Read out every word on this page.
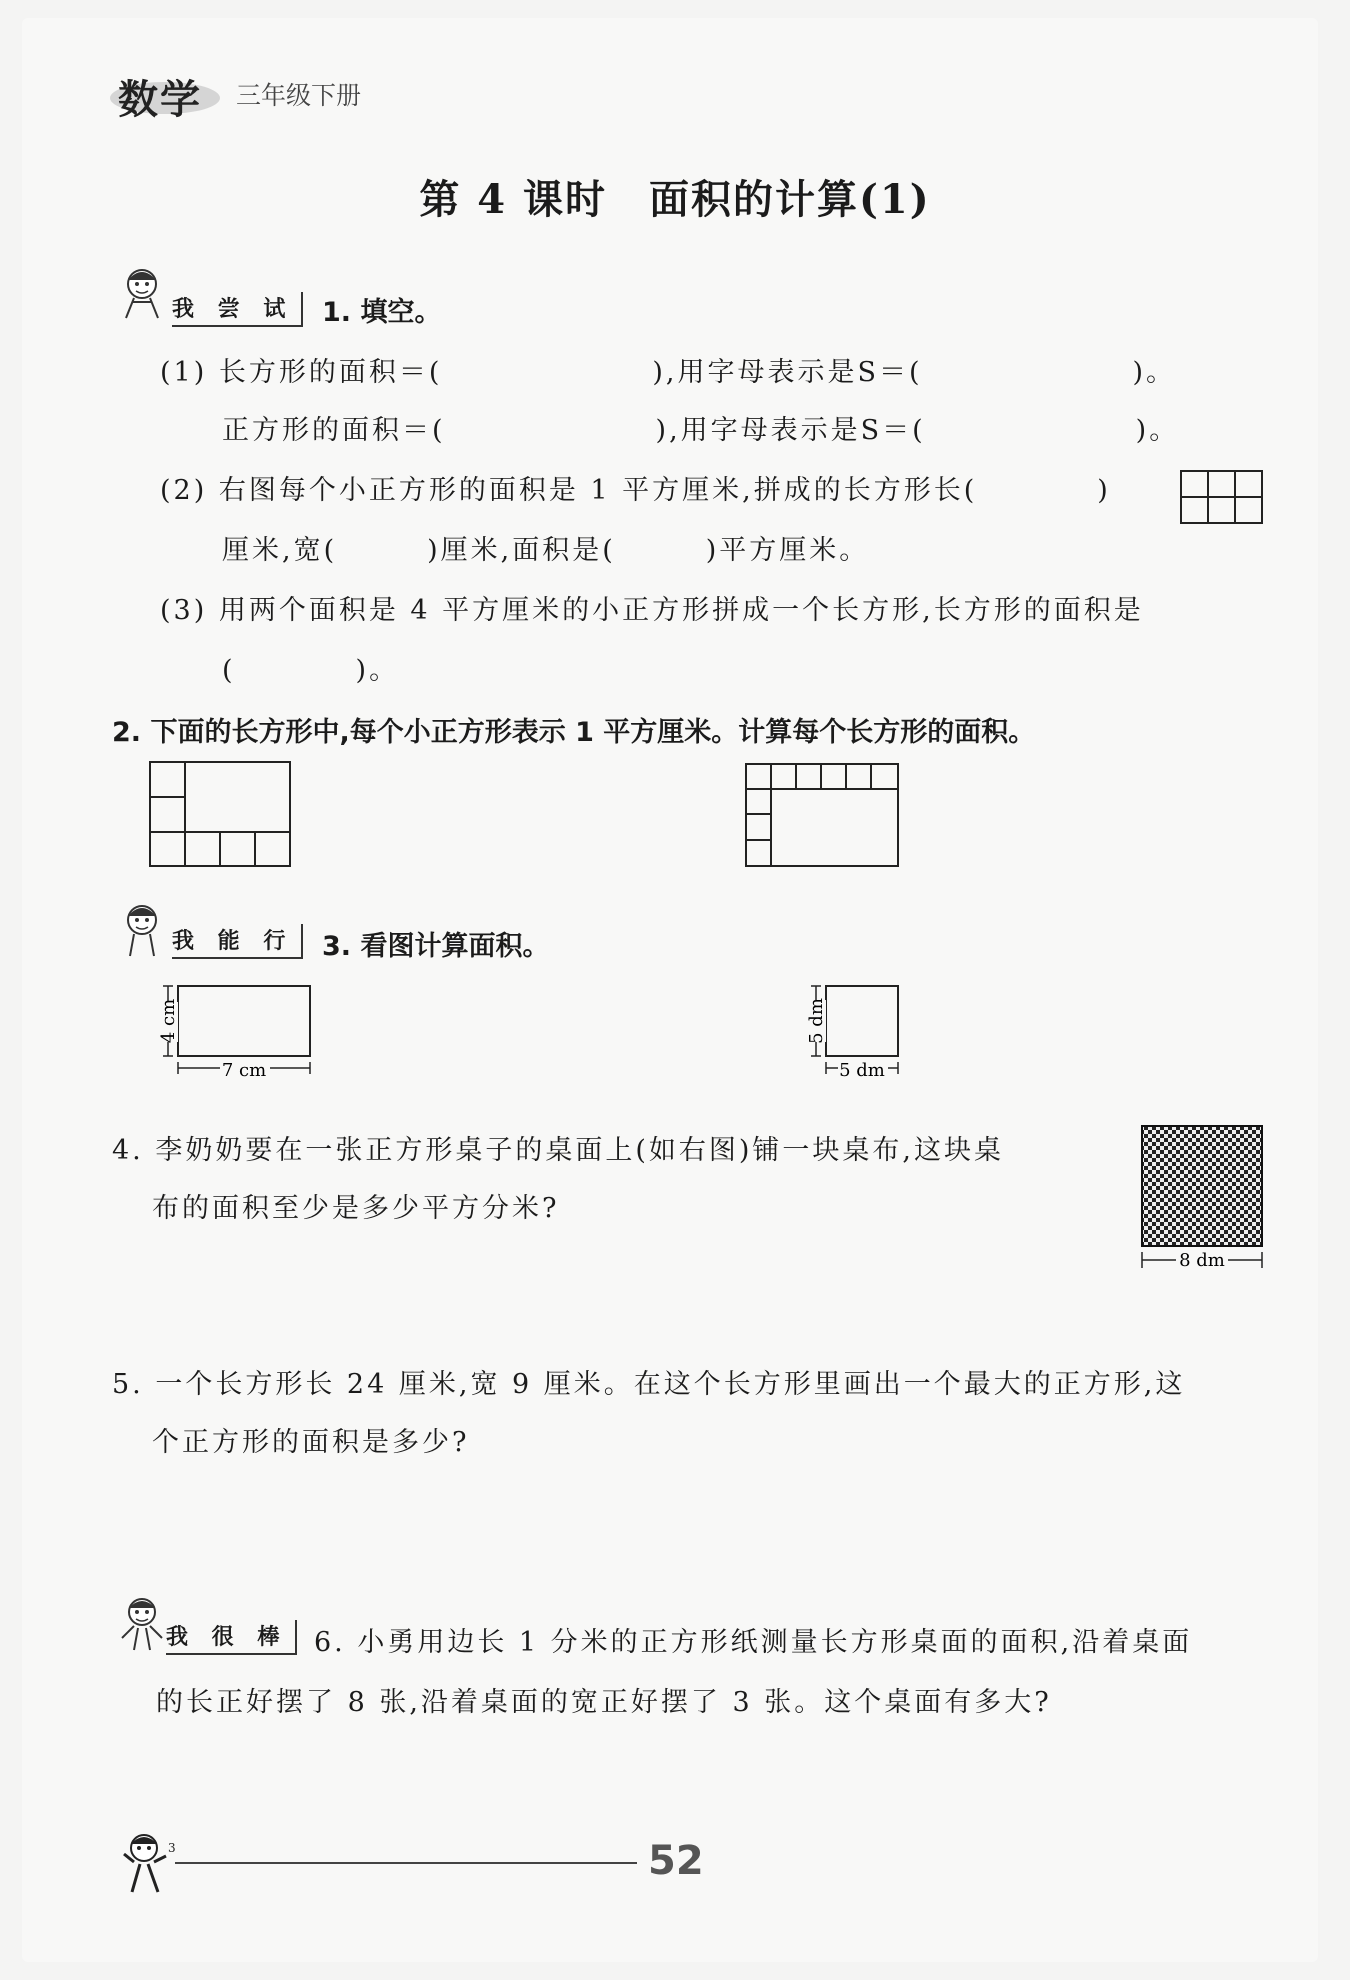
数学 三年级下册
第 4 课时　面积的计算(1)
我 尝 试	1. 填空。
(1) 长方形的面积＝(　　　　　　　),用字母表示是S＝(　　　　　　　)。
正方形的面积＝(　　　　　　　),用字母表示是S＝(　　　　　　　)。
(2) 右图每个小正方形的面积是 1 平方厘米,拼成的长方形长(　　　　)
厘米,宽(　　　)厘米,面积是(　　　)平方厘米。
(3) 用两个面积是 4 平方厘米的小正方形拼成一个长方形,长方形的面积是
(　　　　)。
2. 下面的长方形中,每个小正方形表示 1 平方厘米。计算每个长方形的面积。
我 能 行	3. 看图计算面积。
7 cm
4 cm
5 dm
5 dm
4. 李奶奶要在一张正方形桌子的桌面上(如右图)铺一块桌布,这块桌
布的面积至少是多少平方分米?
8 dm
5. 一个长方形长 24 厘米,宽 9 厘米。在这个长方形里画出一个最大的正方形,这
个正方形的面积是多少?
我 很 棒 6. 小勇用边长 1 分米的正方形纸测量长方形桌面的面积,沿着桌面
的长正好摆了 8 张,沿着桌面的宽正好摆了 3 张。这个桌面有多大?
3	52
